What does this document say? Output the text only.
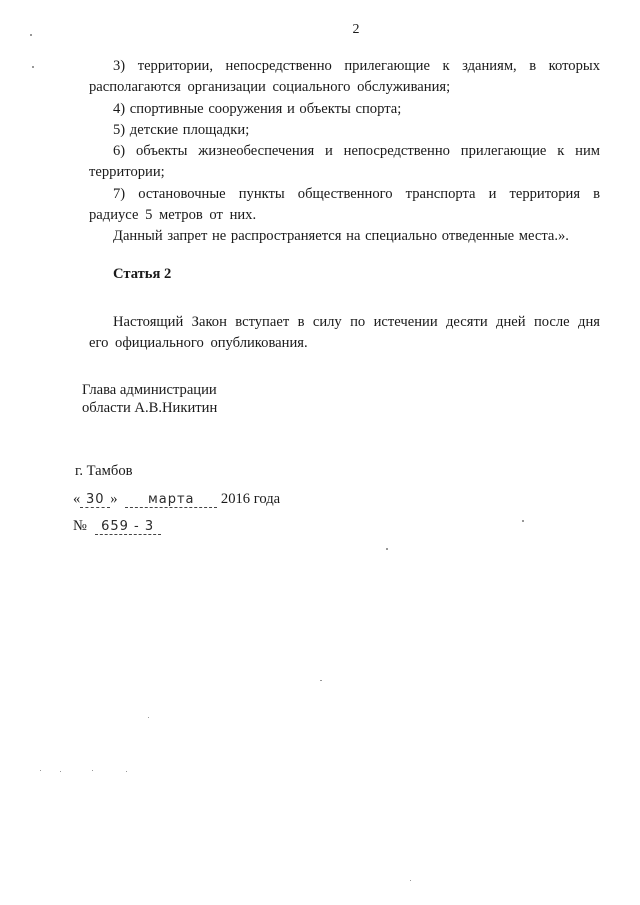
2

3) территории, непосредственно прилегающие к зданиям, в которых располагаются организации социального обслуживания;

4) спортивные сооружения и объекты спорта;

5) детские площадки;

6) объекты жизнеобеспечения и непосредственно прилегающие к ним территории;

7) остановочные пункты общественного транспорта и территория в радиусе 5 метров от них.

Данный запрет не распространяется на специально отведенные места.».

Статья 2

Настоящий Закон вступает в силу по истечении десяти дней после дня его официального опубликования.

Глава администрации
области А.В.Никитин
г. Тамбов
« 30 » марта 2016 года
№ 659 - 3
